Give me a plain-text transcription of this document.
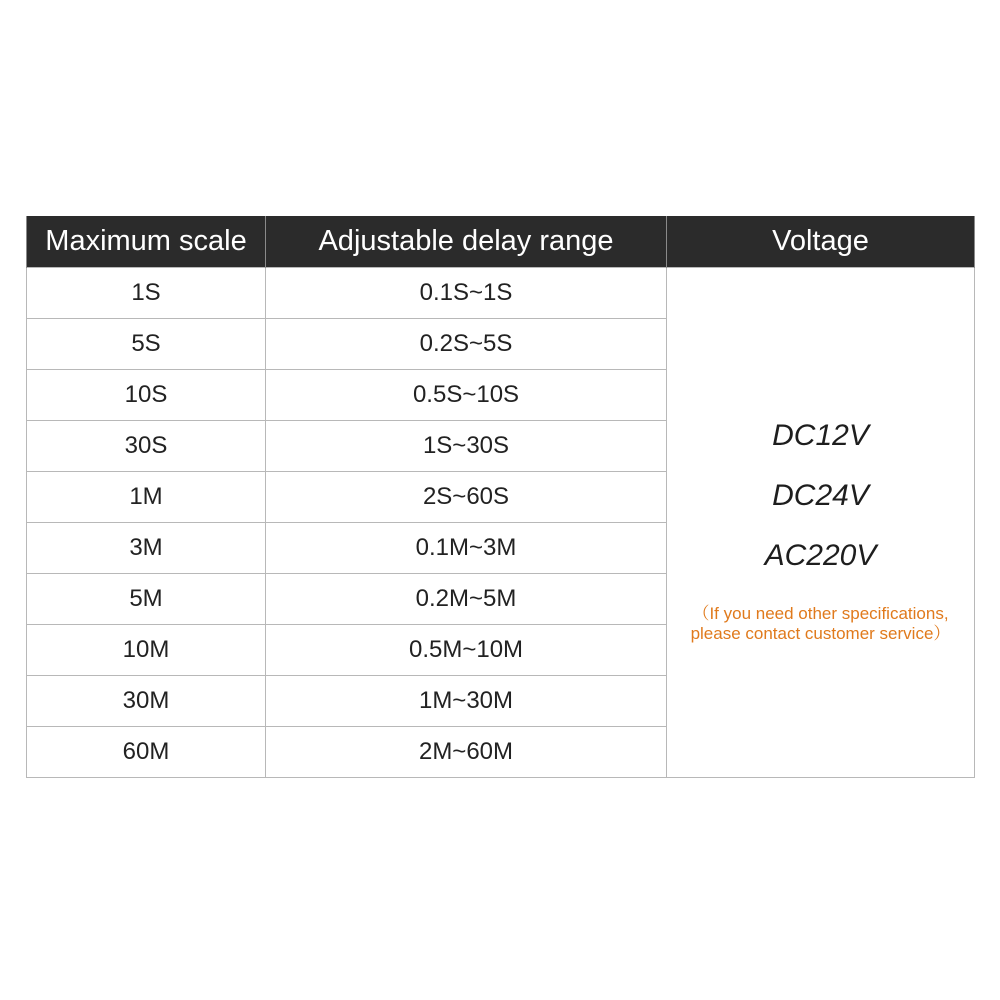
Maximum scale	Adjustable delay range	Voltage
1S	0.1S~1S	DC12V
DC24V
AC220V
（If you need other specifications,
please contact customer service）

5S	0.2S~5S	
10S	0.5S~10S	
30S	1S~30S	
1M	2S~60S	
3M	0.1M~3M	
5M	0.2M~5M	
10M	0.5M~10M	
30M	1M~30M	
60M	2M~60M	
